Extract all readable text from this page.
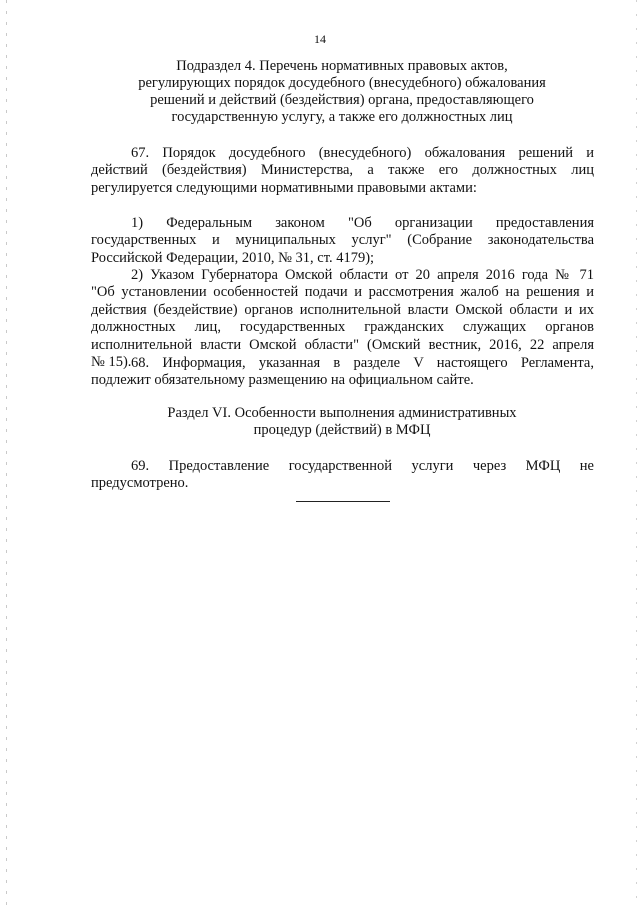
14
Подраздел 4. Перечень нормативных правовых актов,
регулирующих порядок досудебного (внесудебного) обжалования
решений и действий (бездействия) органа, предоставляющего
государственную услугу, а также его должностных лиц
67. Порядок досудебного (внесудебного) обжалования решений и
действий (бездействия) Министерства, а также его должностных лиц
регулируется следующими нормативными правовыми актами:
1) Федеральным законом "Об организации предоставления
государственных и муниципальных услуг" (Собрание законодательства
Российской Федерации, 2010, № 31, ст. 4179);
2) Указом Губернатора Омской области от 20 апреля 2016 года № 71
"Об установлении особенностей подачи и рассмотрения жалоб на решения и
действия (бездействие) органов исполнительной власти Омской области и их
должностных лиц, государственных гражданских служащих органов
исполнительной власти Омской области" (Омский вестник, 2016, 22 апреля
№ 15). 68. Информация, указанная в разделе V настоящего Регламента,
подлежит обязательному размещению на официальном сайте.
Раздел VI. Особенности выполнения административных
процедур (действий) в МФЦ
69. Предоставление государственной услуги через МФЦ не
предусмотрено.
